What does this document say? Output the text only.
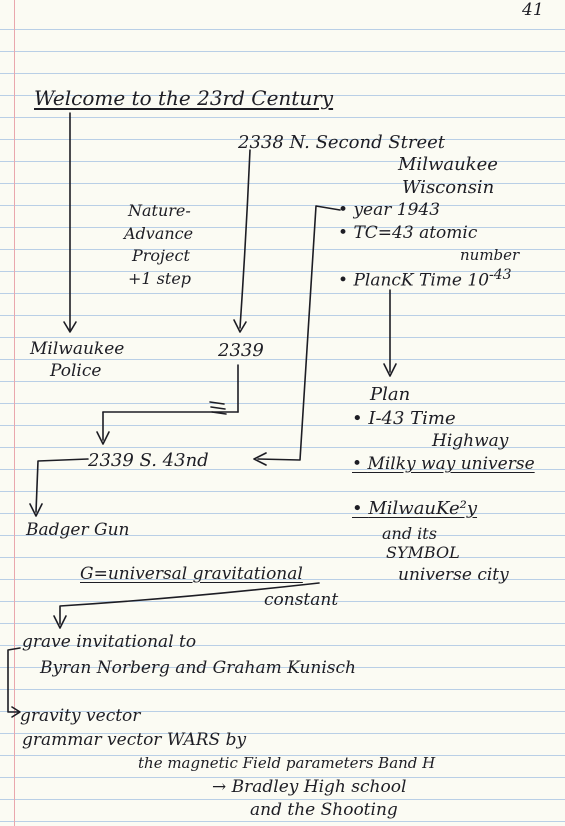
41
Welcome to the 23rd Century
2338 N. Second Street
Milwaukee
Wisconsin
Nature-
Advance
Project
+1 step
• year 1943
• TC=43 atomic
number
• PlancK Time $10^{-43}$
Milwaukee
Police
2339
Plan
• I-43 Time
Highway
• Milky way universe
2339 S. 43nd
• MilwauKe²y
and its
SYMBOL
universe city
Badger Gun
G=universal gravitational
constant
grave invitational to
Byran Norberg and Graham Kunisch
gravity vector
grammar vector WARS by
the magnetic Field parameters Band H
→ Bradley High school
and the Shooting
